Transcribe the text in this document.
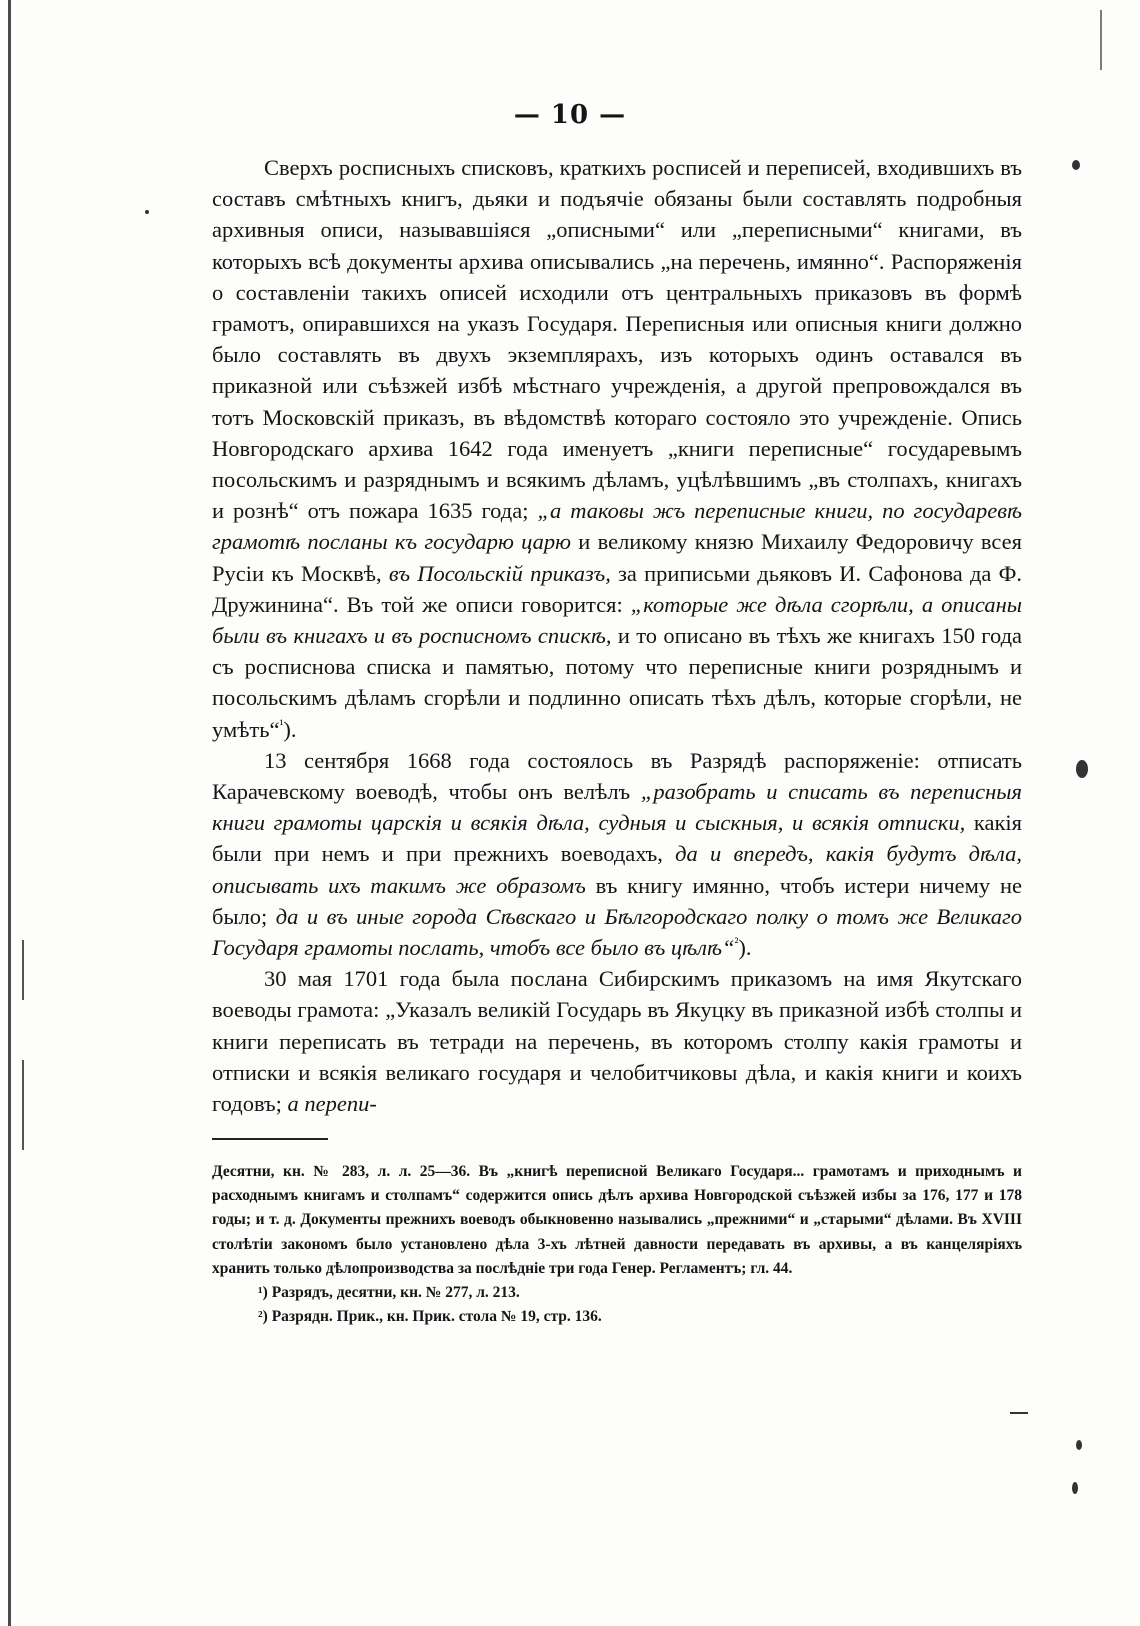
— 10 —

Сверхъ росписныхъ списковъ, краткихъ росписей и переписей, входившихъ въ составъ смѣтныхъ книгъ, дьяки и подъячіе обязаны были составлять подробныя архивныя описи, называвшіяся „описными“ или „переписными“ книгами, въ которыхъ всѣ документы архива описывались „на перечень, имянно“. Распоряженія о составленіи такихъ описей исходили отъ центральныхъ приказовъ въ формѣ грамотъ, опиравшихся на указъ Государя. Переписныя или описныя книги должно было составлять въ двухъ экземплярахъ, изъ которыхъ одинъ оставался въ приказной или съѣзжей избѣ мѣстнаго учрежденія, а другой препровождался въ тотъ Московскій приказъ, въ вѣдомствѣ котораго состояло это учрежденіе. Опись Новгородскаго архива 1642 года именуетъ „книги переписные“ государевымъ посольскимъ и разряднымъ и всякимъ дѣламъ, уцѣлѣвшимъ „въ столпахъ, книгахъ и рознѣ“ отъ пожара 1635 года; „а таковы жъ переписные книги, по государевѣ грамотѣ посланы къ государю царю и великому князю Михаилу Федоровичу всея Русіи къ Москвѣ, въ Посольскій приказъ, за приписьми дьяковъ И. Сафонова да Ф. Дружинина“. Въ той же описи говорится: „которые же дѣла сгорѣли, а описаны были въ книгахъ и въ росписномъ спискѣ, и то описано въ тѣхъ же книгахъ 150 года съ росписнова списка и памятью, потому что переписные книги розряднымъ и посольскимъ дѣламъ сгорѣли и подлинно описать тѣхъ дѣлъ, которые сгорѣли, не умѣть“$^{^1}$).

13 сентября 1668 года состоялось въ Разрядѣ распоряженіе: отписать Карачевскому воеводѣ, чтобы онъ велѣлъ „разобрать и списать въ переписныя книги грамоты царскія и всякія дѣла, судныя и сыскныя, и всякія отписки, какія были при немъ и при прежнихъ воеводахъ, да и впередъ, какія будутъ дѣла, описывать ихъ такимъ же образомъ въ книгу имянно, чтобъ истери ничему не было; да и въ иные города Сѣвскаго и Бѣлгородскаго полку о томъ же Великаго Государя грамоты послать, чтобъ все было въ цѣлѣ“$^{^2}$).

30 мая 1701 года была послана Сибирскимъ приказомъ на имя Якутскаго воеводы грамота: „Указалъ великій Государь въ Якуцку въ приказной избѣ столпы и книги переписать въ тетради на перечень, въ которомъ столпу какія грамоты и отписки и всякія великаго государя и челобитчиковы дѣла, и какія книги и коихъ годовъ; а перепи-

Десятни, кн. № 283, л. л. 25—36. Въ „книгѣ переписной Великаго Государя... грамотамъ и приходнымъ и расходнымъ книгамъ и столпамъ“ содержится опись дѣлъ архива Новгородской съѣзжей избы за 176, 177 и 178 годы; и т. д. Документы прежнихъ воеводъ обыкновенно назывались „прежними“ и „старыми“ дѣлами. Въ XVIII столѣтіи закономъ было установлено дѣла 3-хъ лѣтней давности передавать въ архивы, а въ канцеляріяхъ хранить только дѣлопроизводства за послѣдніе три года Генер. Регламентъ; гл. 44.

¹) Разрядъ, десятни, кн. № 277, л. 213.

²) Разрядн. Прик., кн. Прик. стола № 19, стр. 136.
